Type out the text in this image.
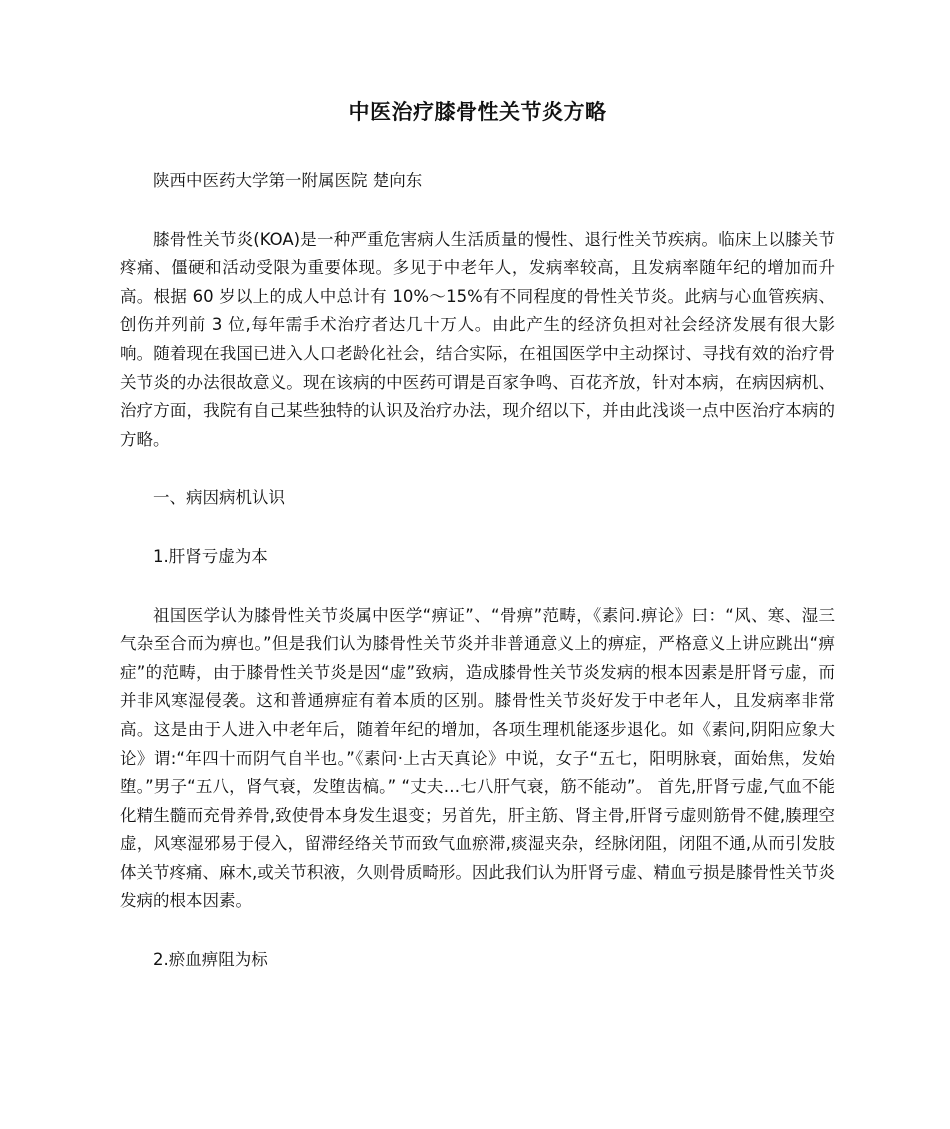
中医治疗膝骨性关节炎方略

陕西中医药大学第一附属医院 楚向东

膝骨性关节炎(KOA)是一种严重危害病人生活质量的慢性、退行性关节疾病。临床上以膝关节疼痛、僵硬和活动受限为重要体现。多见于中老年人，发病率较高，且发病率随年纪的增加而升高。根据 60 岁以上的成人中总计有 10%～15%有不同程度的骨性关节炎。此病与心血管疾病、创伤并列前 3 位,每年需手术治疗者达几十万人。由此产生的经济负担对社会经济发展有很大影响。随着现在我国已进入人口老龄化社会，结合实际，在祖国医学中主动探讨、寻找有效的治疗骨关节炎的办法很故意义。现在该病的中医药可谓是百家争鸣、百花齐放，针对本病，在病因病机、治疗方面，我院有自己某些独特的认识及治疗办法，现介绍以下，并由此浅谈一点中医治疗本病的方略。

一、病因病机认识

1.肝肾亏虚为本

祖国医学认为膝骨性关节炎属中医学“痹证”、“骨痹”范畴，《素问.痹论》曰：“风、寒、湿三气杂至合而为痹也。”但是我们认为膝骨性关节炎并非普通意义上的痹症，严格意义上讲应跳出“痹症”的范畴，由于膝骨性关节炎是因“虚”致病，造成膝骨性关节炎发病的根本因素是肝肾亏虚，而并非风寒湿侵袭。这和普通痹症有着本质的区别。膝骨性关节炎好发于中老年人，且发病率非常高。这是由于人进入中老年后，随着年纪的增加，各项生理机能逐步退化。如《素问,阴阳应象大论》谓:“年四十而阴气自半也。”《素问·上古天真论》中说，女子“五七，阳明脉衰，面始焦，发始堕。”男子“五八，肾气衰，发堕齿槁。” “丈夫…七八肝气衰，筋不能动”。 首先,肝肾亏虚,气血不能化精生髓而充骨养骨,致使骨本身发生退变；另首先，肝主筋、肾主骨,肝肾亏虚则筋骨不健,腠理空虚，风寒湿邪易于侵入，留滞经络关节而致气血瘀滞,痰湿夹杂，经脉闭阻，闭阻不通,从而引发肢体关节疼痛、麻木,或关节积液，久则骨质畸形。因此我们认为肝肾亏虚、精血亏损是膝骨性关节炎发病的根本因素。

2.瘀血痹阻为标
